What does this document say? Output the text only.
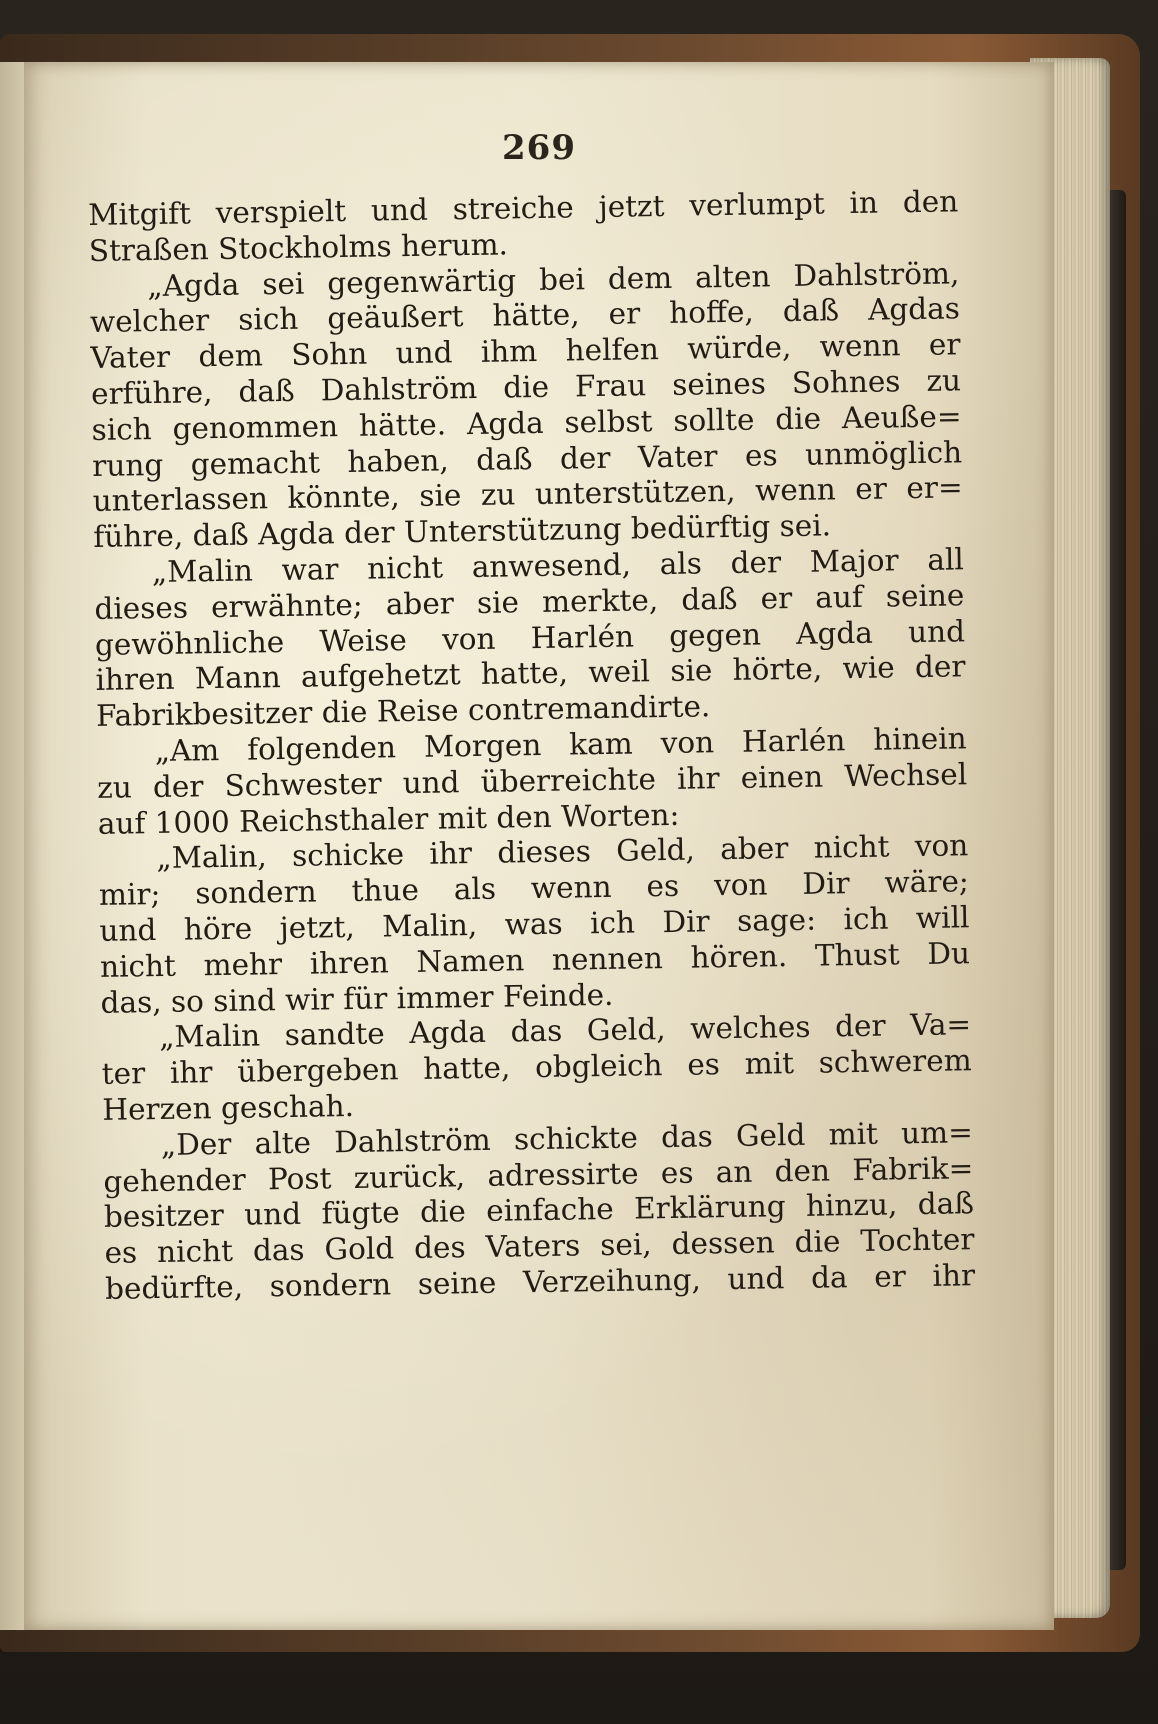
269
Mitgift verspielt und streiche jetzt verlumpt in den
Straßen Stockholms herum.
„Agda sei gegenwärtig bei dem alten Dahlström,
welcher sich geäußert hätte, er hoffe, daß Agdas
Vater dem Sohn und ihm helfen würde, wenn er
erführe, daß Dahlström die Frau seines Sohnes zu
sich genommen hätte. Agda selbst sollte die Aeuße=
rung gemacht haben, daß der Vater es unmöglich
unterlassen könnte, sie zu unterstützen, wenn er er=
führe, daß Agda der Unterstützung bedürftig sei.
„Malin war nicht anwesend, als der Major all
dieses erwähnte; aber sie merkte, daß er auf seine
gewöhnliche Weise von Harlén gegen Agda und
ihren Mann aufgehetzt hatte, weil sie hörte, wie der
Fabrikbesitzer die Reise contremandirte.
„Am folgenden Morgen kam von Harlén hinein
zu der Schwester und überreichte ihr einen Wechsel
auf 1000 Reichsthaler mit den Worten:
„Malin, schicke ihr dieses Geld, aber nicht von
mir; sondern thue als wenn es von Dir wäre;
und höre jetzt, Malin, was ich Dir sage: ich will
nicht mehr ihren Namen nennen hören. Thust Du
das, so sind wir für immer Feinde.
„Malin sandte Agda das Geld, welches der Va=
ter ihr übergeben hatte, obgleich es mit schwerem
Herzen geschah.
„Der alte Dahlström schickte das Geld mit um=
gehender Post zurück, adressirte es an den Fabrik=
besitzer und fügte die einfache Erklärung hinzu, daß
es nicht das Gold des Vaters sei, dessen die Tochter
bedürfte, sondern seine Verzeihung, und da er ihr
